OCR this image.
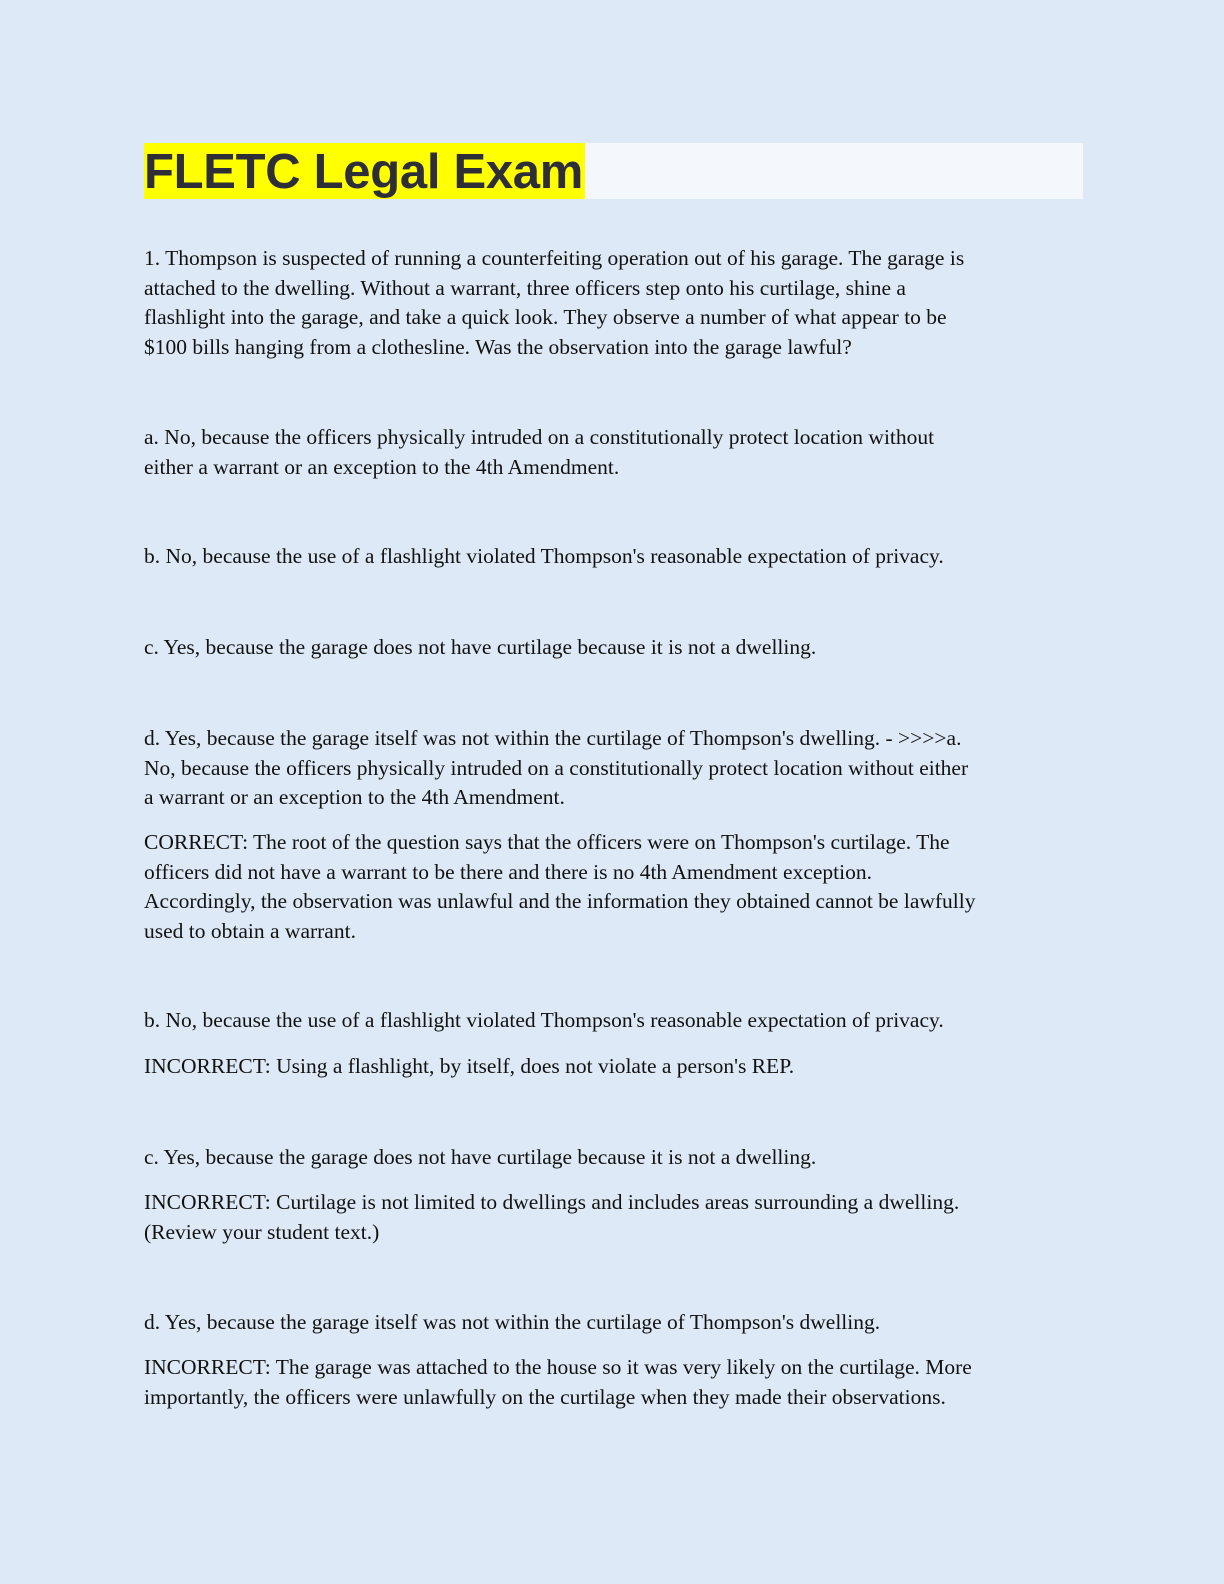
FLETC Legal Exam

1. Thompson is suspected of running a counterfeiting operation out of his garage. The garage is

attached to the dwelling. Without a warrant, three officers step onto his curtilage, shine a

flashlight into the garage, and take a quick look. They observe a number of what appear to be

$100 bills hanging from a clothesline. Was the observation into the garage lawful?

a. No, because the officers physically intruded on a constitutionally protect location without

either a warrant or an exception to the 4th Amendment.

b. No, because the use of a flashlight violated Thompson's reasonable expectation of privacy.

c. Yes, because the garage does not have curtilage because it is not a dwelling.

d. Yes, because the garage itself was not within the curtilage of Thompson's dwelling. - >>>>a.

No, because the officers physically intruded on a constitutionally protect location without either

a warrant or an exception to the 4th Amendment.

CORRECT: The root of the question says that the officers were on Thompson's curtilage. The

officers did not have a warrant to be there and there is no 4th Amendment exception.

Accordingly, the observation was unlawful and the information they obtained cannot be lawfully

used to obtain a warrant.

b. No, because the use of a flashlight violated Thompson's reasonable expectation of privacy.

INCORRECT: Using a flashlight, by itself, does not violate a person's REP.

c. Yes, because the garage does not have curtilage because it is not a dwelling.

INCORRECT: Curtilage is not limited to dwellings and includes areas surrounding a dwelling.

(Review your student text.)

d. Yes, because the garage itself was not within the curtilage of Thompson's dwelling.

INCORRECT: The garage was attached to the house so it was very likely on the curtilage. More

importantly, the officers were unlawfully on the curtilage when they made their observations.
